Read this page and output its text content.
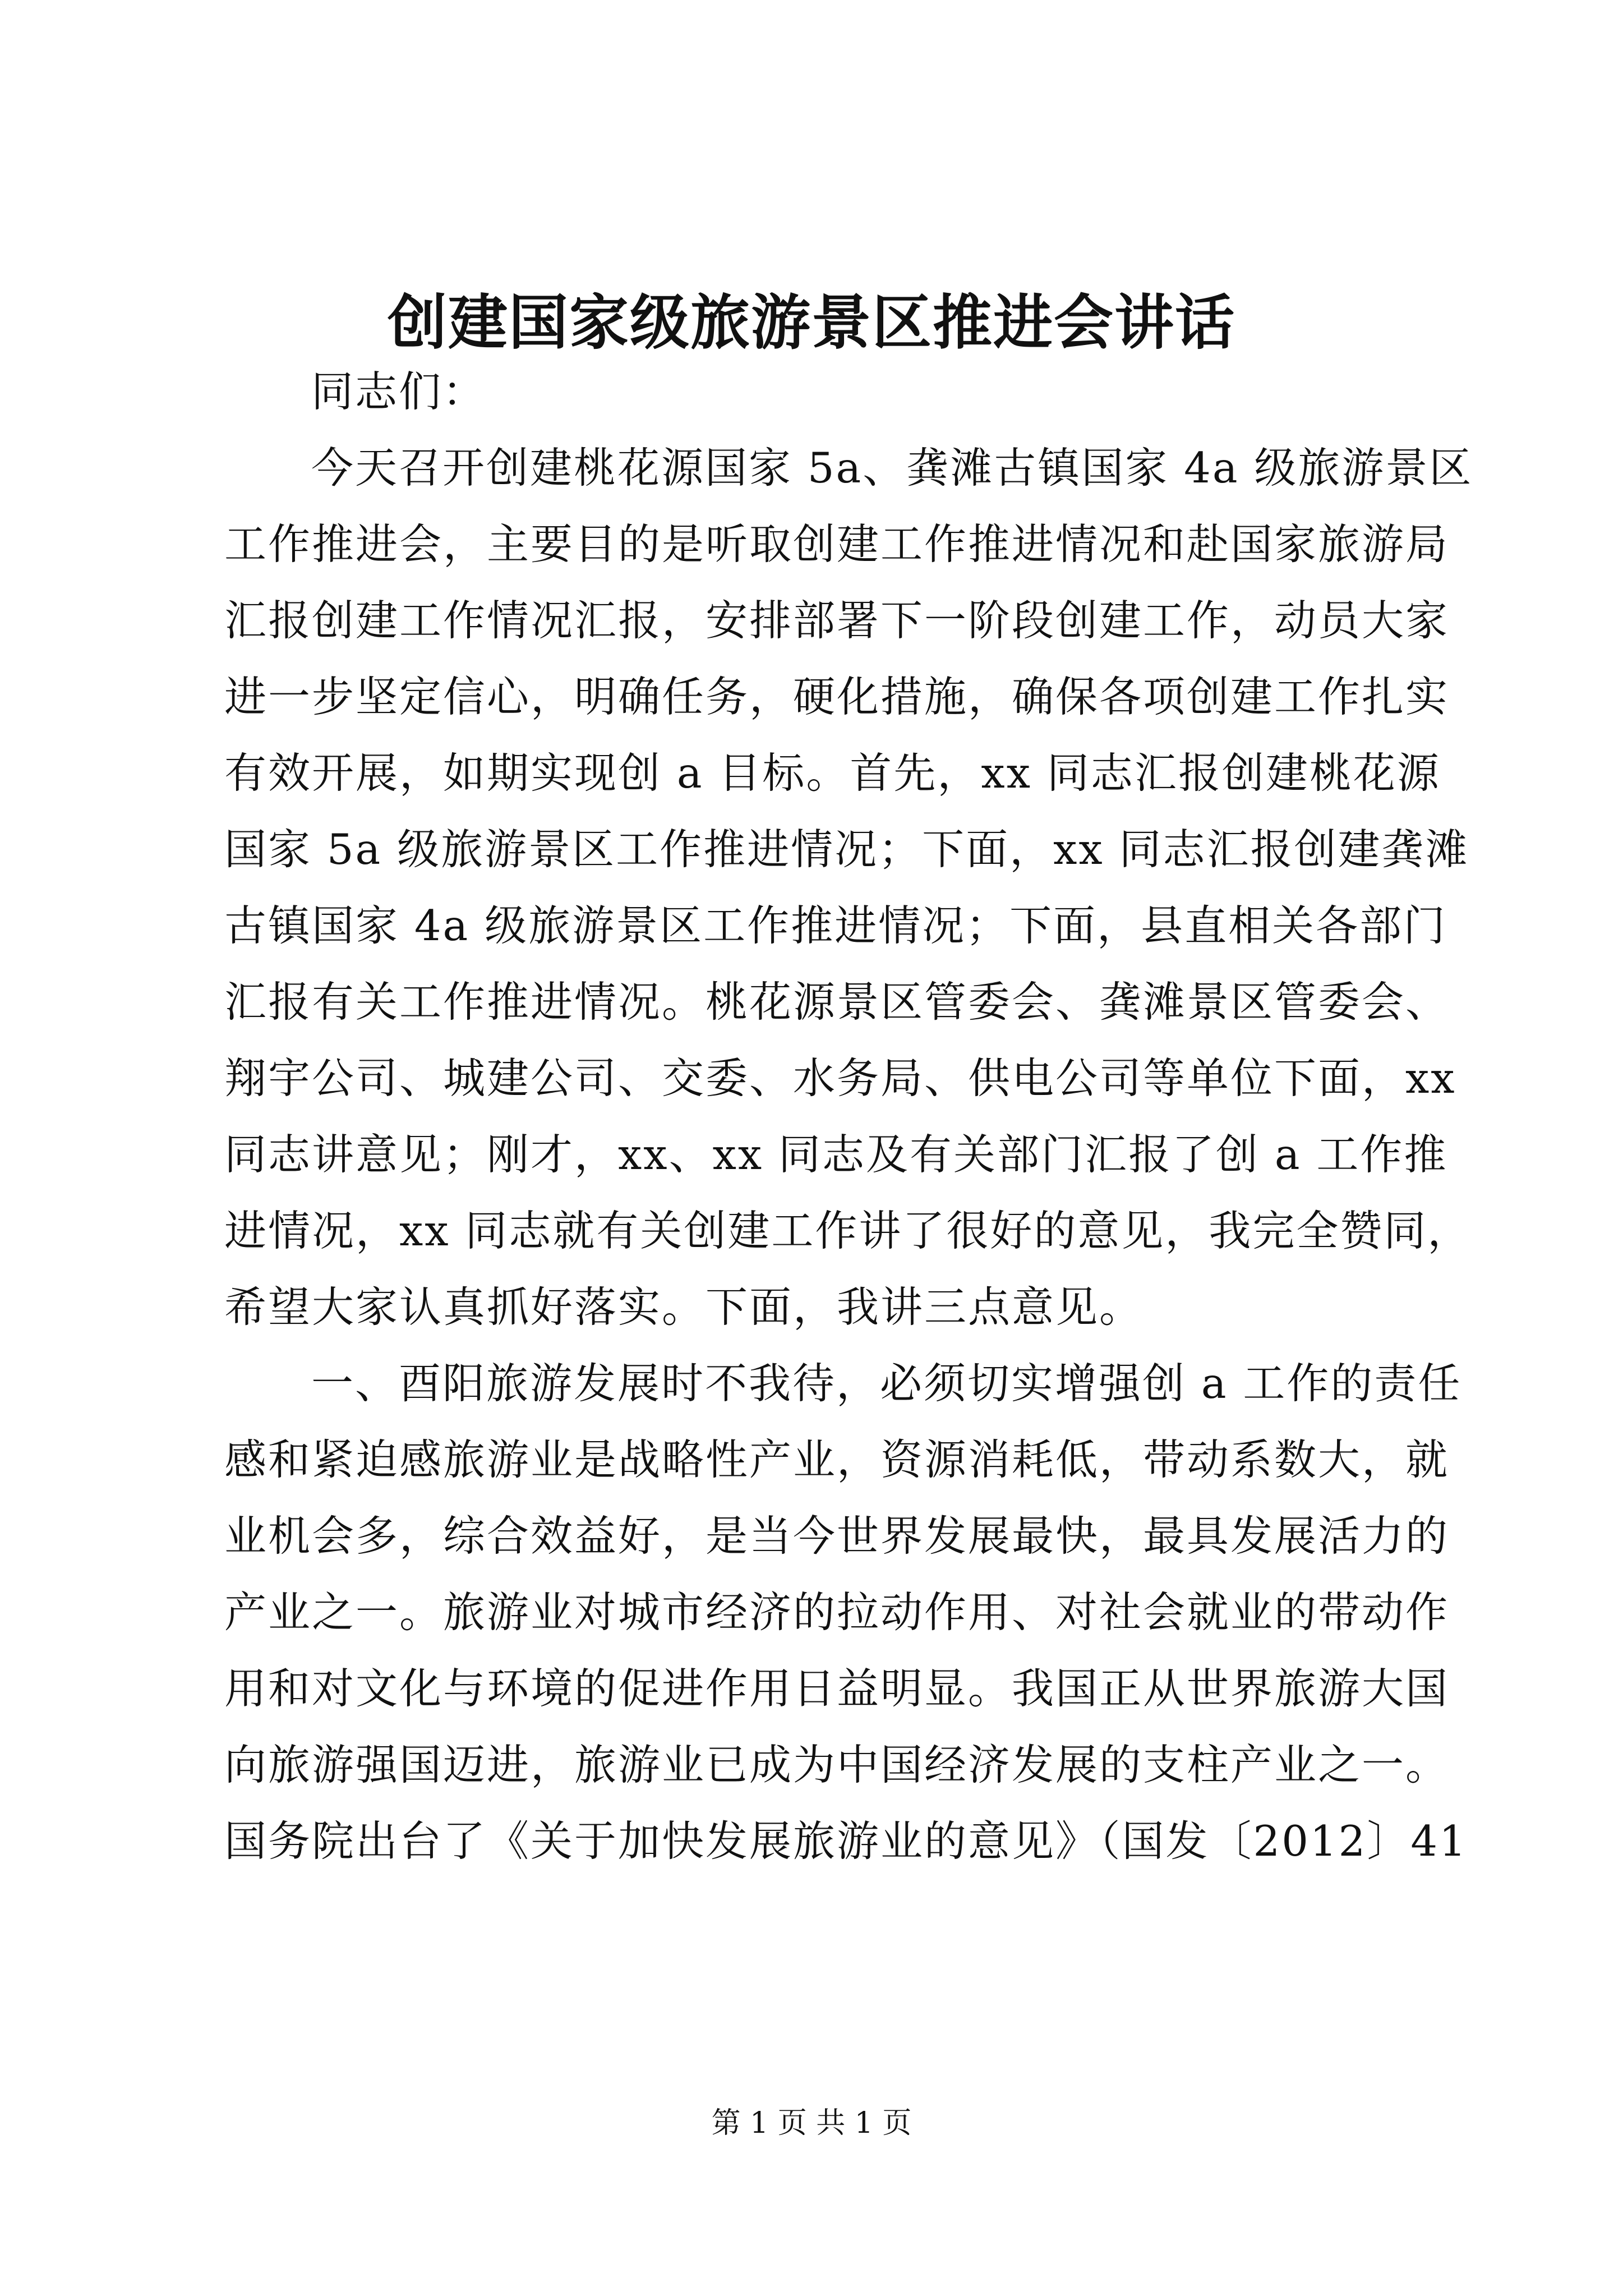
创建国家级旅游景区推进会讲话
同志们：
今天召开创建桃花源国家 5a、龚滩古镇国家 4a 级旅游景区
工作推进会，主要目的是听取创建工作推进情况和赴国家旅游局
汇报创建工作情况汇报，安排部署下一阶段创建工作，动员大家
进一步坚定信心，明确任务，硬化措施，确保各项创建工作扎实
有效开展，如期实现创 a 目标。首先，xx 同志汇报创建桃花源
国家 5a 级旅游景区工作推进情况；下面，xx 同志汇报创建龚滩
古镇国家 4a 级旅游景区工作推进情况；下面，县直相关各部门
汇报有关工作推进情况。桃花源景区管委会、龚滩景区管委会、
翔宇公司、城建公司、交委、水务局、供电公司等单位下面，xx
同志讲意见；刚才，xx、xx 同志及有关部门汇报了创 a 工作推
进情况，xx 同志就有关创建工作讲了很好的意见，我完全赞同，
希望大家认真抓好落实。下面，我讲三点意见。
一、酉阳旅游发展时不我待，必须切实增强创 a 工作的责任
感和紧迫感旅游业是战略性产业，资源消耗低，带动系数大，就
业机会多，综合效益好，是当今世界发展最快，最具发展活力的
产业之一。旅游业对城市经济的拉动作用、对社会就业的带动作
用和对文化与环境的促进作用日益明显。我国正从世界旅游大国
向旅游强国迈进，旅游业已成为中国经济发展的支柱产业之一。
国务院出台了《关于加快发展旅游业的意见》（国发〔2012〕41
第 1 页 共 1 页
